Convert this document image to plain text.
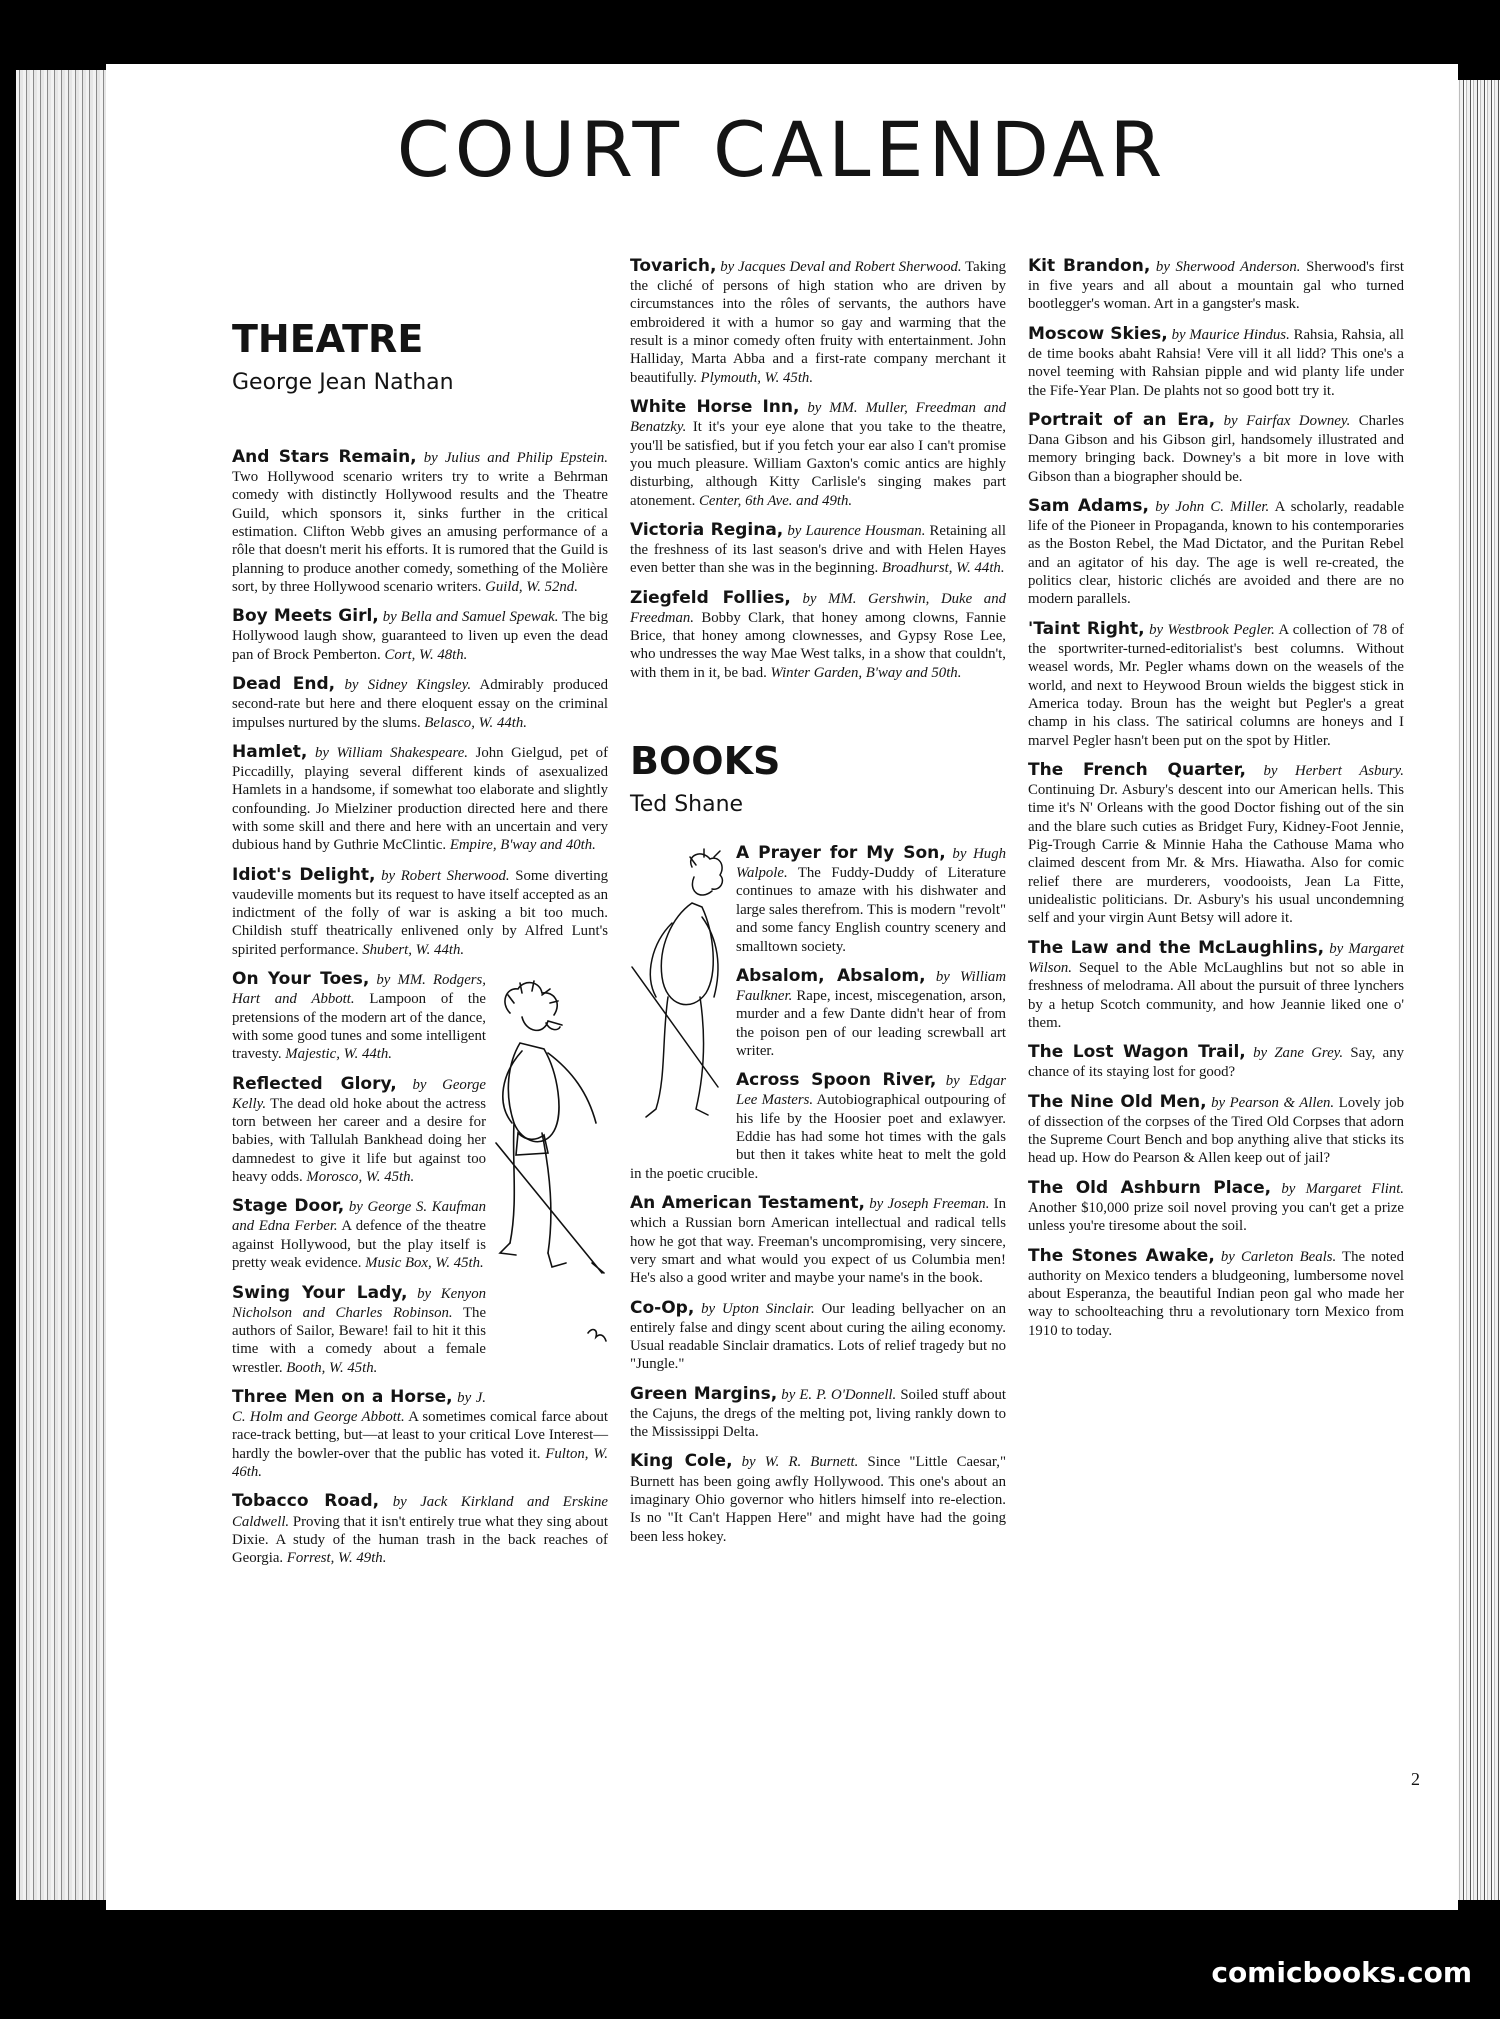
COURT CALENDAR
THEATRE
George Jean Nathan

And Stars Remain, by Julius and Philip Epstein. Two Hollywood scenario writers try to write a Behrman comedy with distinctly Hollywood results and the Theatre Guild, which sponsors it, sinks further in the critical estimation. Clifton Webb gives an amusing performance of a rôle that doesn't merit his efforts. It is rumored that the Guild is planning to produce another comedy, something of the Molière sort, by three Hollywood scenario writers. Guild, W. 52nd.

Boy Meets Girl, by Bella and Samuel Spewak. The big Hollywood laugh show, guaranteed to liven up even the dead pan of Brock Pemberton. Cort, W. 48th.

Dead End, by Sidney Kingsley. Admirably produced second-rate but here and there eloquent essay on the criminal impulses nurtured by the slums. Belasco, W. 44th.

Hamlet, by William Shakespeare. John Gielgud, pet of Piccadilly, playing several different kinds of asexualized Hamlets in a handsome, if somewhat too elaborate and slightly confounding. Jo Mielziner production directed here and there with some skill and there and here with an uncertain and very dubious hand by Guthrie McClintic. Empire, B'way and 40th.

Idiot's Delight, by Robert Sherwood. Some diverting vaudeville moments but its request to have itself accepted as an indictment of the folly of war is asking a bit too much. Childish stuff theatrically enlivened only by Alfred Lunt's spirited performance. Shubert, W. 44th.

On Your Toes, by MM. Rodgers, Hart and Abbott. Lampoon of the pretensions of the modern art of the dance, with some good tunes and some intelligent travesty. Majestic, W. 44th.

Reflected Glory, by George Kelly. The dead old hoke about the actress torn between her career and a desire for babies, with Tallulah Bankhead doing her damnedest to give it life but against too heavy odds. Morosco, W. 45th.

Stage Door, by George S. Kaufman and Edna Ferber. A defence of the theatre against Hollywood, but the play itself is pretty weak evidence. Music Box, W. 45th.

Swing Your Lady, by Kenyon Nicholson and Charles Robinson. The authors of Sailor, Beware! fail to hit it this time with a comedy about a female wrestler. Booth, W. 45th.

Three Men on a Horse, by J. C. Holm and George Abbott. A sometimes comical farce about race-track betting, but—at least to your critical Love Interest—hardly the bowler-over that the public has voted it. Fulton, W. 46th.

Tobacco Road, by Jack Kirkland and Erskine Caldwell. Proving that it isn't entirely true what they sing about Dixie. A study of the human trash in the back reaches of Georgia. Forrest, W. 49th.

Tovarich, by Jacques Deval and Robert Sherwood. Taking the cliché of persons of high station who are driven by circumstances into the rôles of servants, the authors have embroidered it with a humor so gay and warming that the result is a minor comedy often fruity with entertainment. John Halliday, Marta Abba and a first-rate company merchant it beautifully. Plymouth, W. 45th.

White Horse Inn, by MM. Muller, Freedman and Benatzky. It it's your eye alone that you take to the theatre, you'll be satisfied, but if you fetch your ear also I can't promise you much pleasure. William Gaxton's comic antics are highly disturbing, although Kitty Carlisle's singing makes part atonement. Center, 6th Ave. and 49th.

Victoria Regina, by Laurence Housman. Retaining all the freshness of its last season's drive and with Helen Hayes even better than she was in the beginning. Broadhurst, W. 44th.

Ziegfeld Follies, by MM. Gershwin, Duke and Freedman. Bobby Clark, that honey among clowns, Fannie Brice, that honey among clownesses, and Gypsy Rose Lee, who undresses the way Mae West talks, in a show that couldn't, with them in it, be bad. Winter Garden, B'way and 50th.

BOOKS
Ted Shane

A Prayer for My Son, by Hugh Walpole. The Fuddy-Duddy of Literature continues to amaze with his dishwater and large sales therefrom. This is modern "revolt" and some fancy English country scenery and smalltown society.

Absalom, Absalom, by William Faulkner. Rape, incest, miscegenation, arson, murder and a few Dante didn't hear of from the poison pen of our leading screwball art writer.

Across Spoon River, by Edgar Lee Masters. Autobiographical outpouring of his life by the Hoosier poet and exlawyer. Eddie has had some hot times with the gals but then it takes white heat to melt the gold in the poetic crucible.

An American Testament, by Joseph Freeman. In which a Russian born American intellectual and radical tells how he got that way. Freeman's uncompromising, very sincere, very smart and what would you expect of us Columbia men! He's also a good writer and maybe your name's in the book.

Co-Op, by Upton Sinclair. Our leading bellyacher on an entirely false and dingy scent about curing the ailing economy. Usual readable Sinclair dramatics. Lots of relief tragedy but no "Jungle."

Green Margins, by E. P. O'Donnell. Soiled stuff about the Cajuns, the dregs of the melting pot, living rankly down to the Mississippi Delta.

King Cole, by W. R. Burnett. Since "Little Caesar," Burnett has been going awfly Hollywood. This one's about an imaginary Ohio governor who hitlers himself into re-election. Is no "It Can't Happen Here" and might have had the going been less hokey.

Kit Brandon, by Sherwood Anderson. Sherwood's first in five years and all about a mountain gal who turned bootlegger's woman. Art in a gangster's mask.

Moscow Skies, by Maurice Hindus. Rahsia, Rahsia, all de time books abaht Rahsia! Vere vill it all lidd? This one's a novel teeming with Rahsian pipple and wid planty life under the Fife-Year Plan. De plahts not so good bott try it.

Portrait of an Era, by Fairfax Downey. Charles Dana Gibson and his Gibson girl, handsomely illustrated and memory bringing back. Downey's a bit more in love with Gibson than a biographer should be.

Sam Adams, by John C. Miller. A scholarly, readable life of the Pioneer in Propaganda, known to his contemporaries as the Boston Rebel, the Mad Dictator, and the Puritan Rebel and an agitator of his day. The age is well re-created, the politics clear, historic clichés are avoided and there are no modern parallels.

'Taint Right, by Westbrook Pegler. A collection of 78 of the sportwriter-turned-editorialist's best columns. Without weasel words, Mr. Pegler whams down on the weasels of the world, and next to Heywood Broun wields the biggest stick in America today. Broun has the weight but Pegler's a great champ in his class. The satirical columns are honeys and I marvel Pegler hasn't been put on the spot by Hitler.

The French Quarter, by Herbert Asbury. Continuing Dr. Asbury's descent into our American hells. This time it's N' Orleans with the good Doctor fishing out of the sin and the blare such cuties as Bridget Fury, Kidney-Foot Jennie, Pig-Trough Carrie & Minnie Haha the Cathouse Mama who claimed descent from Mr. & Mrs. Hiawatha. Also for comic relief there are murderers, voodooists, Jean La Fitte, unidealistic politicians. Dr. Asbury's his usual uncondemning self and your virgin Aunt Betsy will adore it.

The Law and the McLaughlins, by Margaret Wilson. Sequel to the Able McLaughlins but not so able in freshness of melodrama. All about the pursuit of three lynchers by a hetup Scotch community, and how Jeannie liked one o' them.

The Lost Wagon Trail, by Zane Grey. Say, any chance of its staying lost for good?

The Nine Old Men, by Pearson & Allen. Lovely job of dissection of the corpses of the Tired Old Corpses that adorn the Supreme Court Bench and bop anything alive that sticks its head up. How do Pearson & Allen keep out of jail?

The Old Ashburn Place, by Margaret Flint. Another $10,000 prize soil novel proving you can't get a prize unless you're tiresome about the soil.

The Stones Awake, by Carleton Beals. The noted authority on Mexico tenders a bludgeoning, lumbersome novel about Esperanza, the beautiful Indian peon gal who made her way to schoolteaching thru a revolutionary torn Mexico from 1910 to today.

2
comicbooks.com
